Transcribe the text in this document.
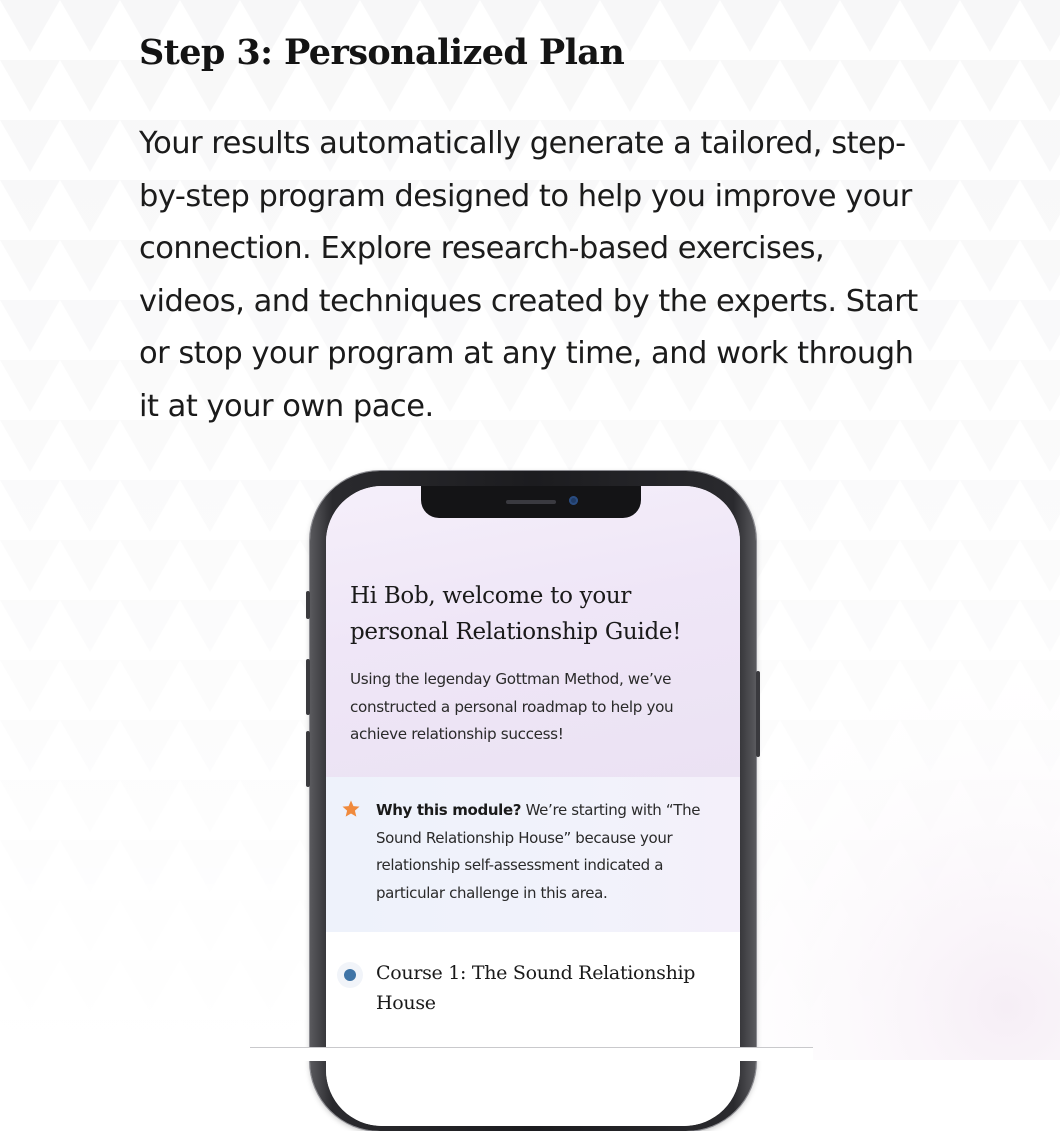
Step 3: Personalized Plan

Your results automatically generate a tailored, step-by-step program designed to help you improve your connection. Explore research-based exercises, videos, and techniques created by the experts. Start or stop your program at any time, and work through it at your own pace.

Hi Bob, welcome to your personal Relationship Guide!

Using the legenday Gottman Method, we’ve constructed a personal roadmap to help you achieve relationship success!

Why this module? We’re starting with “The Sound Relationship House” because your relationship self-assessment indicated a particular challenge in this area.

Course 1: The Sound Relationship House
